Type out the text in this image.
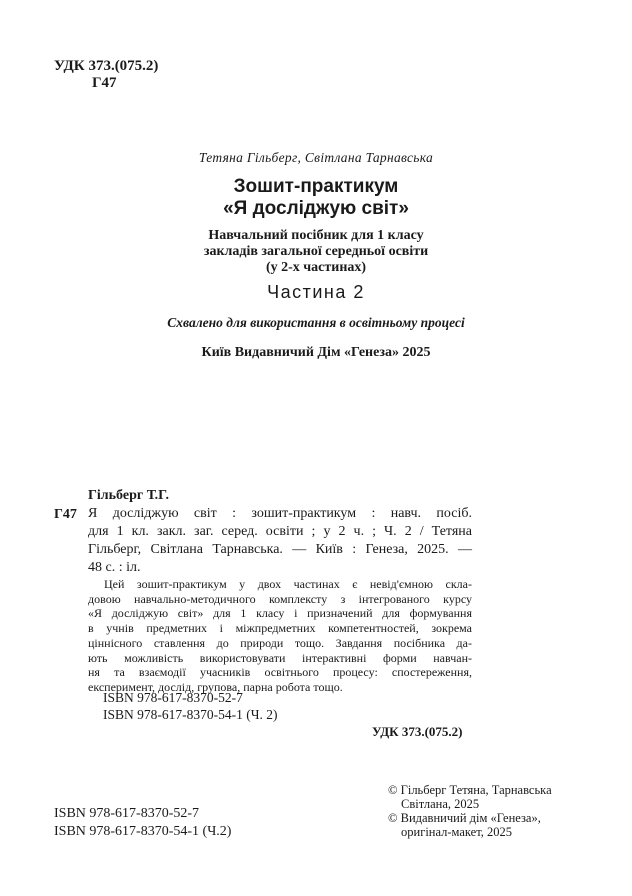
УДК 373.(075.2)
Г47
Тетяна Гільберг, Світлана Тарнавська
Зошит-практикум
«Я досліджую світ»
Навчальний посібник для 1 класу
закладів загальної середньої освіти
(у 2-х частинах)
Частина 2
Схвалено для використання в освітньому процесі
Київ Видавничий Дім «Генеза» 2025
Гільберг Т.Г.
Г47 Я досліджую світ : зошит-практикум : навч. посіб.
для 1 кл. закл. заг. серед. освіти ; у 2 ч. ; Ч. 2 / Тетяна
Гільберг, Світлана Тарнавська. — Київ : Генеза, 2025. —
48 с. : іл.
Цей зошит-практикум у двох частинах є невід'ємною скла-
довою навчально-методичного комплексту з інтегрованого курсу
«Я досліджую світ» для 1 класу і призначений для формування
в учнів предметних і міжпредметних компетентностей, зокрема
ціннісного ставлення до природи тощо. Завдання посібника да-
ють можливість використовувати інтерактивні форми навчан-
ня та взаємодії учасників освітнього процесу: спостереження,
експеримент, дослід, групова, парна робота тощо.
ISBN 978-617-8370-52-7
ISBN 978-617-8370-54-1 (Ч. 2)
УДК 373.(075.2)
ISBN 978-617-8370-52-7
ISBN 978-617-8370-54-1 (Ч.2)
© Гільберг Тетяна, Тарнавська
Світлана, 2025
© Видавничий дім «Генеза»,
оригінал-макет, 2025
